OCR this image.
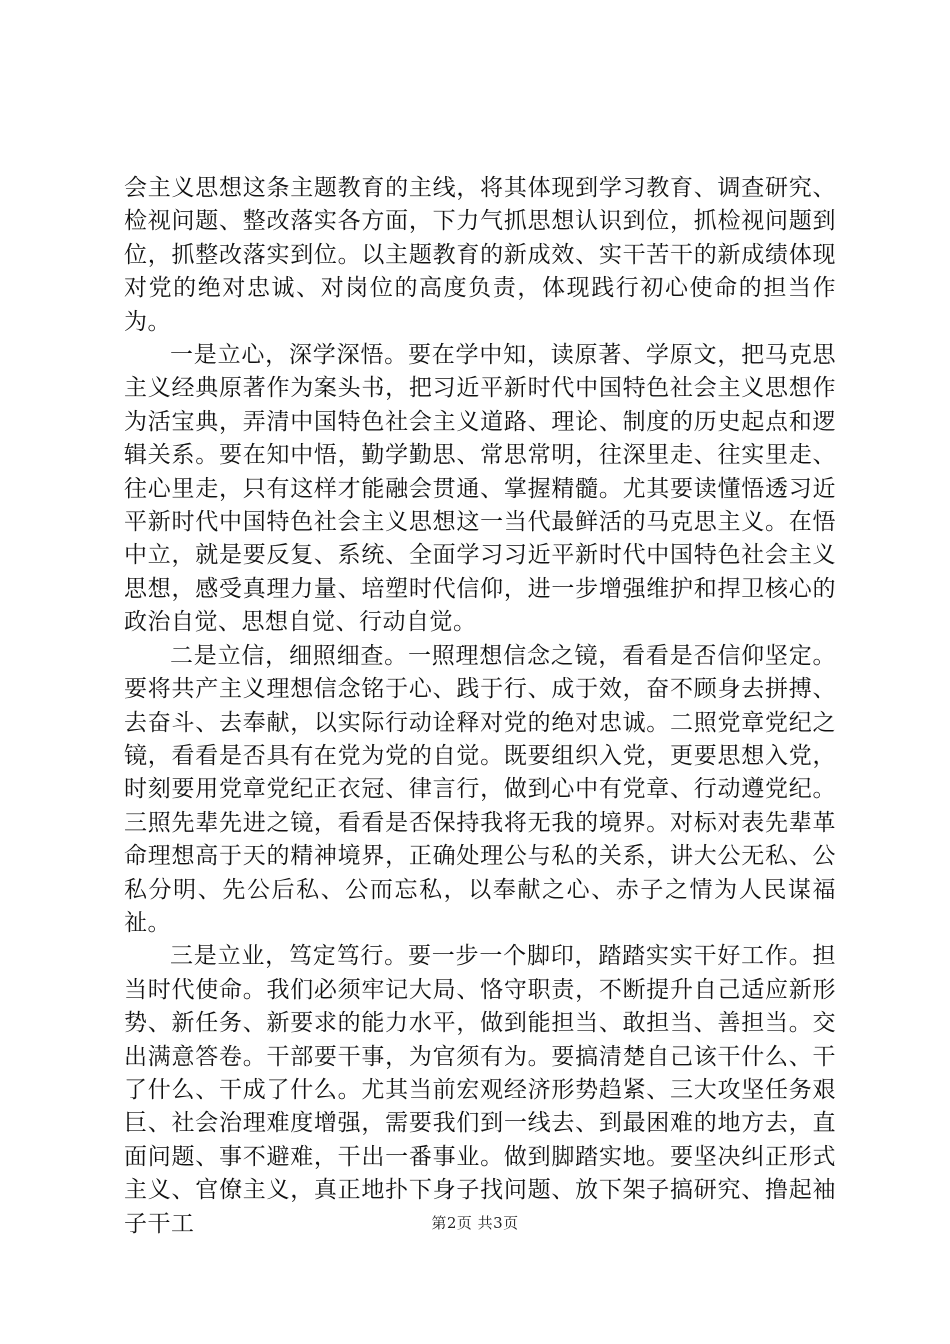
会主义思想这条主题教育的主线，将其体现到学习教育、调查研究、检视问题、整改落实各方面，下力气抓思想认识到位，抓检视问题到位，抓整改落实到位。以主题教育的新成效、实干苦干的新成绩体现对党的绝对忠诚、对岗位的高度负责，体现践行初心使命的担当作为。

一是立心，深学深悟。要在学中知，读原著、学原文，把马克思主义经典原著作为案头书，把习近平新时代中国特色社会主义思想作为活宝典，弄清中国特色社会主义道路、理论、制度的历史起点和逻辑关系。要在知中悟，勤学勤思、常思常明，往深里走、往实里走、往心里走，只有这样才能融会贯通、掌握精髓。尤其要读懂悟透习近平新时代中国特色社会主义思想这一当代最鲜活的马克思主义。在悟中立，就是要反复、系统、全面学习习近平新时代中国特色社会主义思想，感受真理力量、培塑时代信仰，进一步增强维护和捍卫核心的政治自觉、思想自觉、行动自觉。

二是立信，细照细查。一照理想信念之镜，看看是否信仰坚定。要将共产主义理想信念铭于心、践于行、成于效，奋不顾身去拼搏、去奋斗、去奉献，以实际行动诠释对党的绝对忠诚。二照党章党纪之镜，看看是否具有在党为党的自觉。既要组织入党，更要思想入党，时刻要用党章党纪正衣冠、律言行，做到心中有党章、行动遵党纪。三照先辈先进之镜，看看是否保持我将无我的境界。对标对表先辈革命理想高于天的精神境界，正确处理公与私的关系，讲大公无私、公私分明、先公后私、公而忘私，以奉献之心、赤子之情为人民谋福祉。

三是立业，笃定笃行。要一步一个脚印，踏踏实实干好工作。担当时代使命。我们必须牢记大局、恪守职责，不断提升自己适应新形势、新任务、新要求的能力水平，做到能担当、敢担当、善担当。交出满意答卷。干部要干事，为官须有为。要搞清楚自己该干什么、干了什么、干成了什么。尤其当前宏观经济形势趋紧、三大攻坚任务艰巨、社会治理难度增强，需要我们到一线去、到最困难的地方去，直面问题、事不避难，干出一番事业。做到脚踏实地。要坚决纠正形式主义、官僚主义，真正地扑下身子找问题、放下架子搞研究、撸起袖子干工	第2页 共3页
